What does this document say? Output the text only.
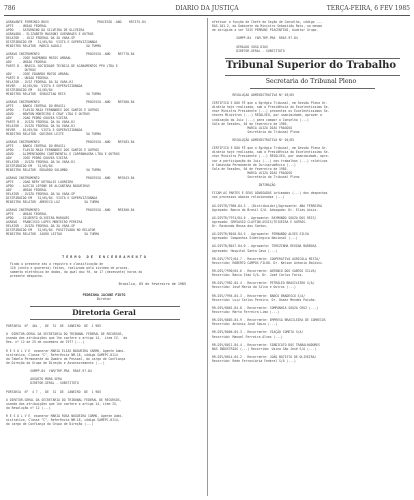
786	DIARIO DA JUSTIÇA	TERÇA-FEIRA, 6 FEV 1985
AGRAVANTE FERMINIO BUSS                          PROCESSO -ANO    RR7375-84
APTE   - UNIAO FEDERAL
APDO   - SATURNINO DA SILVEIRA DE OLIVEIRA
AGRAVADO - ELIZABETH MASSONI GUIMARAES E OUTROS
RELATOR  - JUIZ FEDERAL DA 3A VARA-SP
DISTRIBUIDO EM   31/05/84  VISTA E SUPERVIZIONADA
MINISTRO RELATOR  MARCO ALDOLI             5A TURMA

AGRAVO INSTRUMENTO                         PROCESSO -ANO    RR7770-84
APTE   - JOSE RAIMUNDO MATOS AMARAL
ADV    - UNIAO FEDERAL
PARTE B - BRASIL SOCIEDADE TECNICA DE ACABAMENTOS PPU LTDA E
OUTROS
ADV    - JOSE EDUARDO MATOS AMARAL
PARTE B - UNIAO FEDERAL
RELATOR - JUIZ FEDERAL DA 3A VARA-RJ
REVER  - 01/05/84  VISTA E SUPERVIZIONADA
DISTRIBUIDO EM   01/05/84
MINISTRO RELATOR  SEBASTIAO REIS           5A TURMA

AGRAVO INSTRUMENTO                         PROCESSO -ANO    RR7580-84
APTE   - BANCO CENTRAL DO BRASIL
APDO   - FLAVIO MAIA FERNANDES DOS SANTOS E OUTROS
ADVD   - NEWTON MONTEIRO E CRAF LTDA E OUTROS
ADV    - JOAO PEDRO GOUVEA VIEIRA
PARTE B - JUIZO FEDERAL DA 5A VARA-RJ
RELATOR - JUIZO FEDERAL DA 5A VARA-RJ
REVER  - 01/05/84  VISTA E SUPERVIZIONADA
MINISTRO RELATOR  GUEIROS LEITE            5A TURMA

AGRAVO INSTRUMENTO                         PROCESSO -ANO    RR7583-84
APTE   - BANCO CENTRAL DO BRASIL
APDO   - FLAVIO MAIA FERNANDES DOS SANTOS E OUTROS
ADVD   - ALIMENTADORA CONTINENTAL E CARPANHAGRA LTDA E OUTROS
ADV    - JOSE PEDRO GOUVEA VIEIRA
RELATOR - JUIZO FEDERAL DA 5A VARA-RJ
DISTRIBUIDO EM   31/05/84
MINISTRO RELATOR  EDUARDO SOLOMBO          5A TURMA

AGRAVO INSTRUMENTO                         PROCESSO -ANO    RR7643-84
APTE   - JOAO NERY URTHALIS LOUREIRO
APDO   - ALECIO LEFONE DE ALCANTARA NOGUEIRAS
ADV    - UNIAO FEDERAL
RELATOR - JUIZO FEDERAL DA 5A VARA-SP
DISTRIBUIDO EM   31/05/84  VISTA E SUPERVIZIONADA
MINISTRO RELATOR  AMERICO LUZ             5A TURMA

AGRAVO INSTRUMENTO                         PROCESSO -ANO    RR3300-84
APTE   - UNIAO FEDERAL
APDO   - GILBERTO OLIVEIRA MARQUES
AGRAVO - FRANCISCO LOPES MONTEIRO PEREIRA
RELATOR - JUIZO FEDERAL DA 3A VARA-SP
DISTRIBUIDO EM   31/05/84  POSITIVADO NO RELATOR
MINISTRO RELATOR  JAURO LEITAO            5A TURMA
T E R M O   D E   E N C E R R A M E N T O
Findo o presente ato o registro e classificação de
116 (cento e quarenta) feitos, realizado pelo sistema de proces-
samento eletrônico de dados, do qual dou fé, às 17 (dezessete) horas do
presente despacho.
Brasília, 05 de fevereiro de 1985
PEDRINHA JACOBE PINTO
Diretor
Diretoria Geral
PORTARIA  N°  46L ,  DE  31  DE  JANEIRO  DE  1 985

O  DIRETOR-GERAL DA SECRETARIA DO TRIBUNAL FEDERAL DE RECURSOS,
usando das atribuições que lhe confere o artigo 14,  item IV,  da
Res. nº 12 de 25 de novembro de 1977 (...)

R E S O L V E  exonerar MARIA ELIAS NOGUEIRA CARMO, Agente Admi-
nistrativo, Classe "C", Referência NM-18, código SAMEPC-0114
da Tabela Permanente do Quadro de Pessoal, do cargo de Confiança
de Direção do Grupo de Direção e Assessoramento (...)

SUMPP-84  YAM/TRP-PRA  RRAF-97-84

AUGUSTO MORA SERA
DIRETOR-GERAL - SUBSTITUTO

PORTARIA  N°  4 7 ,  DE  31  DE  JANEIRO  DE  1 985

O DIRETOR-GERAL DA SECRETARIA DO TRIBUNAL FEDERAL DE RECURSOS,
usando das atribuições que lhe confere o artigo 14, item IV,
da Resolução nº 12 (...)

R E S O L V E  exonerar MARIA ROSA NOGUEIRA CARMO, Agente Admi-
nistrativo, Classe "C", Referência NM-18, código SAMEPC-0114,
do cargo de Confiança do Grupo de Direção (...)
efetivar a função de Chefe da Seção de Conselho, código ....
DAS-101.2, do Gabinete do Ministro Sebastião Reis, na mesma
de dirigida a ser TAIS PERRONI PIACENTINI, Auditor Grupo.

SUMPP-84  YAM-TRP-PRA  RRAF-97-84

GERALDO SOSA DIAS
DIRETOR-GERAL - SUBSTITUTO
Tribunal Superior do Trabalho
Secretaria do Tribunal Pleno
RESOLUÇÃO ADMINISTRATIVA Nº 03/85

CERTIFICO E DOU FÉ que o Egrégio Tribunal, em Sessão Plena Or-
dinária hoje realizada, sob a Presidência do Excelentíssimo Se-
nhor Ministro Presidente (...) presentes os Excelentíssimos Se-
nhores Ministros (...) RESOLVEU, por unanimidade, aprovar a
indicação do Juiz (...) para compor o Conselho (...)
Sala de Sessões, 04 de fevereiro de 1985.
MARIA LUIZA DIAS FRAGOSO
Secretária do Tribunal Pleno

RESOLUÇÃO ADMINISTRATIVA Nº 04/85

CERTIFICO E DOU FÉ que o Egrégio Tribunal, em Sessão Plena Or-
dinária hoje realizada, sob a Presidência do Excelentíssimo Se-
nhor Ministro Presidente (...) RESOLVEU, por unanimidade, apro-
var a participação do Juiz (...) nos trabalhos (...) relativos
à Comissão Permanente de Jurisprudência (...)
Sala de Sessões, 04 de fevereiro de 1985.
MARIA LUIZA DIAS FRAGOSO
Secretária do Tribunal Pleno

INTIMAÇÃO

FICAM AS PARTES E SEUS ADVOGADOS intimados (...) dos despachos
nos processos abaixo relacionados (...)

AG-DIVTR/7960-84.3 - (Distribuidor)/Agravante: ANA FERREIRA
Agravado: Banco do Brasil S/A. Advogado: Dr. Elias Assis.

AG-DIVTR/7974/84.6 - Agravante: RAYMUNDO SOUZA DOS REIS/
Agravado: GERVASIO CLAYTON ASSIS/TEIXEIRA E OUTROS.
Dr. Raimundo Bessa dos Santos.

AG-DIVTR/8010-84.5 - Agravante: FERNANDO ALVES SILVA
Agravado: Companhia Siderúrgica Nacional (...)

AG-DIVTR/8017-84.0 - Agravante: TEREZINHA REGINA BARBOSA
Agravado: Hospital Santa Casa (...)

RR-DIV/7972/84.7 - Recorrente: COOPERATIVA AGRICOLA MISTA/
Recorrido: ROBERTO CAMPOS FILHO. Dr. Nelson Antonio Baldini.

RR-DIV/7990/84.6 - Recorrente: ANTONIO DOS SANTOS SILVA/
Recorrido: Banco Itaú S/A. Dr. José Carlos Faria.

RR-DIV/7982-84.4 - Recorrente: PETRÓLEO BRASILEIRO S/A/
Recorrido: José Maria da Silva e Outros (...)

RR-DIV/7994-84.3 - Recorrente: BANCO BRADESCO S/A/
Recorrido: Luiz Carlos Pereira. Dr. Osmar Mendes Paixão.

RR-DIV/8001-84.8 - Recorrente: COMPANHIA SOUZA CRUZ (...)
Recorrido: Marta Ferreira Lima (...)

RR-DIV/8003-84.9 - Recorrente: EMPRESA BRASILEIRA DE CORREIOS
Recorrido: Antonio José Souza (...)

RR-DIV/8006-84.3 - Recorrente: VIAÇÃO COMETA S/A/
Recorrido: Manoel Ferreira Alves (...)

RR-DIV/8011-84.4 - Recorrente: SINDICATO DOS TRABALHADORES
NAS INDÚSTRIAS (...) Recorrido: Usina São José S/A (...)

RR-DIV/8014-84.2 - Recorrente: JOÃO BATISTA DE OLIVEIRA/
Recorrido: Rede Ferroviária Federal S/A (...)
